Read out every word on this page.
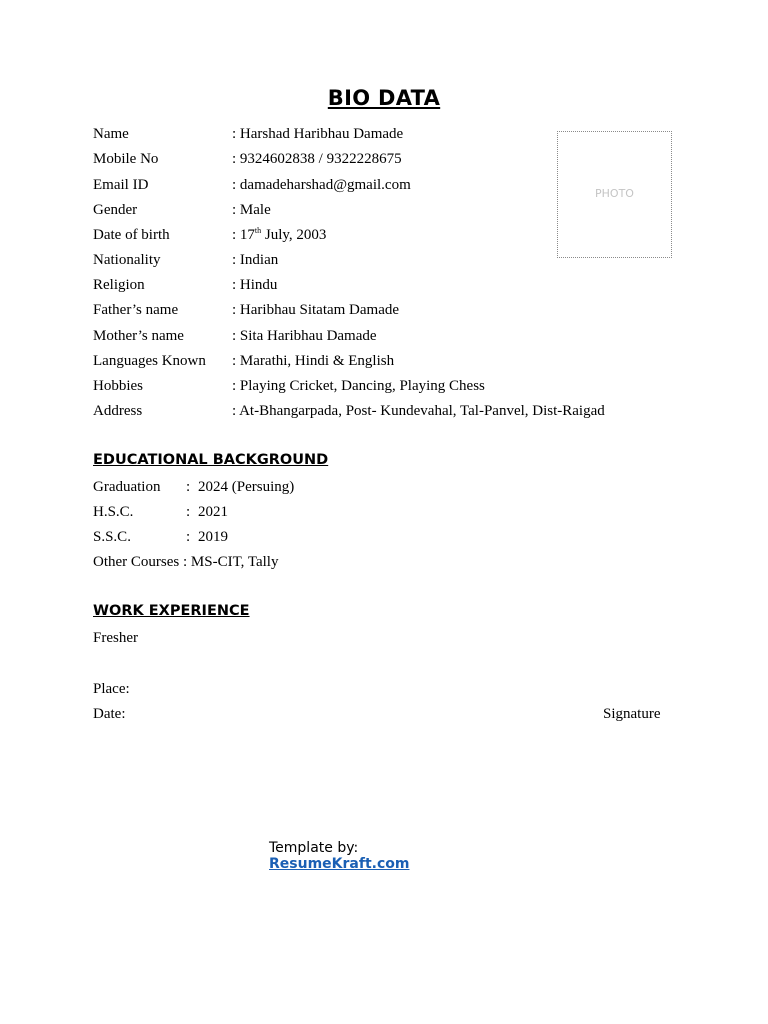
BIO DATA
Name	: Harshad Haribhau Damade
Mobile No	: 9324602838 / 9322228675
Email ID	: damadeharshad@gmail.com
Gender	: Male
Date of birth	: 17th July, 2003
Nationality	: Indian
Religion	: Hindu
Father’s name	: Haribhau Sitatam Damade
Mother’s name	: Sita Haribhau Damade
Languages Known : Marathi, Hindi & English
Hobbies	: Playing Cricket, Dancing, Playing Chess
Address	: At-Bhangarpada, Post- Kundevahal, Tal-Panvel, Dist-Raigad
PHOTO
EDUCATIONAL BACKGROUND
Graduation : 2024 (Persuing)
H.S.C.	: 2021
S.S.C.	: 2019
Other Courses : MS-CIT, Tally
WORK EXPERIENCE
Fresher
Place:
Date:	Signature
Template by:
ResumeKraft.com
